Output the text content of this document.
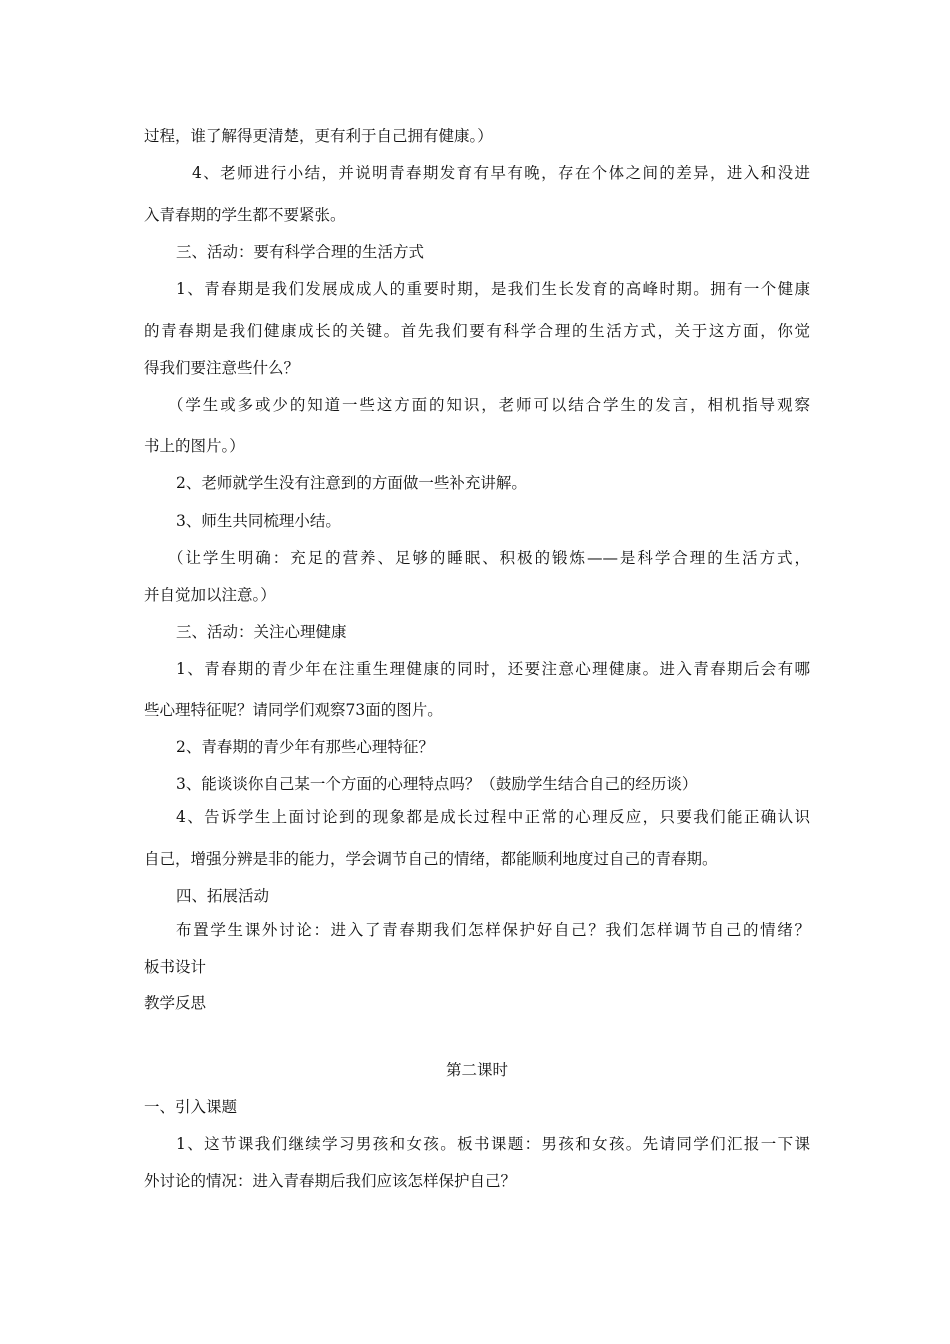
过程，谁了解得更清楚，更有利于自己拥有健康。）
4、老师进行小结，并说明青春期发育有早有晚，存在个体之间的差异，进入和没进
入青春期的学生都不要紧张。
三、活动：要有科学合理的生活方式
1、青春期是我们发展成成人的重要时期，是我们生长发育的高峰时期。拥有一个健康
的青春期是我们健康成长的关键。首先我们要有科学合理的生活方式，关于这方面，你觉
得我们要注意些什么？
（学生或多或少的知道一些这方面的知识，老师可以结合学生的发言，相机指导观察
书上的图片。）
2、老师就学生没有注意到的方面做一些补充讲解。
3、师生共同梳理小结。
（让学生明确：充足的营养、足够的睡眠、积极的锻炼——是科学合理的生活方式，
并自觉加以注意。）
三、活动：关注心理健康
1、青春期的青少年在注重生理健康的同时，还要注意心理健康。进入青春期后会有哪
些心理特征呢？请同学们观察73面的图片。
2、青春期的青少年有那些心理特征？
3、能谈谈你自己某一个方面的心理特点吗？（鼓励学生结合自己的经历谈）
4、告诉学生上面讨论到的现象都是成长过程中正常的心理反应，只要我们能正确认识
自己，增强分辨是非的能力，学会调节自己的情绪，都能顺利地度过自己的青春期。
四、拓展活动
布置学生课外讨论：进入了青春期我们怎样保护好自己？我们怎样调节自己的情绪？
板书设计
教学反思
第二课时
一、引入课题
1、这节课我们继续学习男孩和女孩。板书课题：男孩和女孩。先请同学们汇报一下课
外讨论的情况：进入青春期后我们应该怎样保护自己？
